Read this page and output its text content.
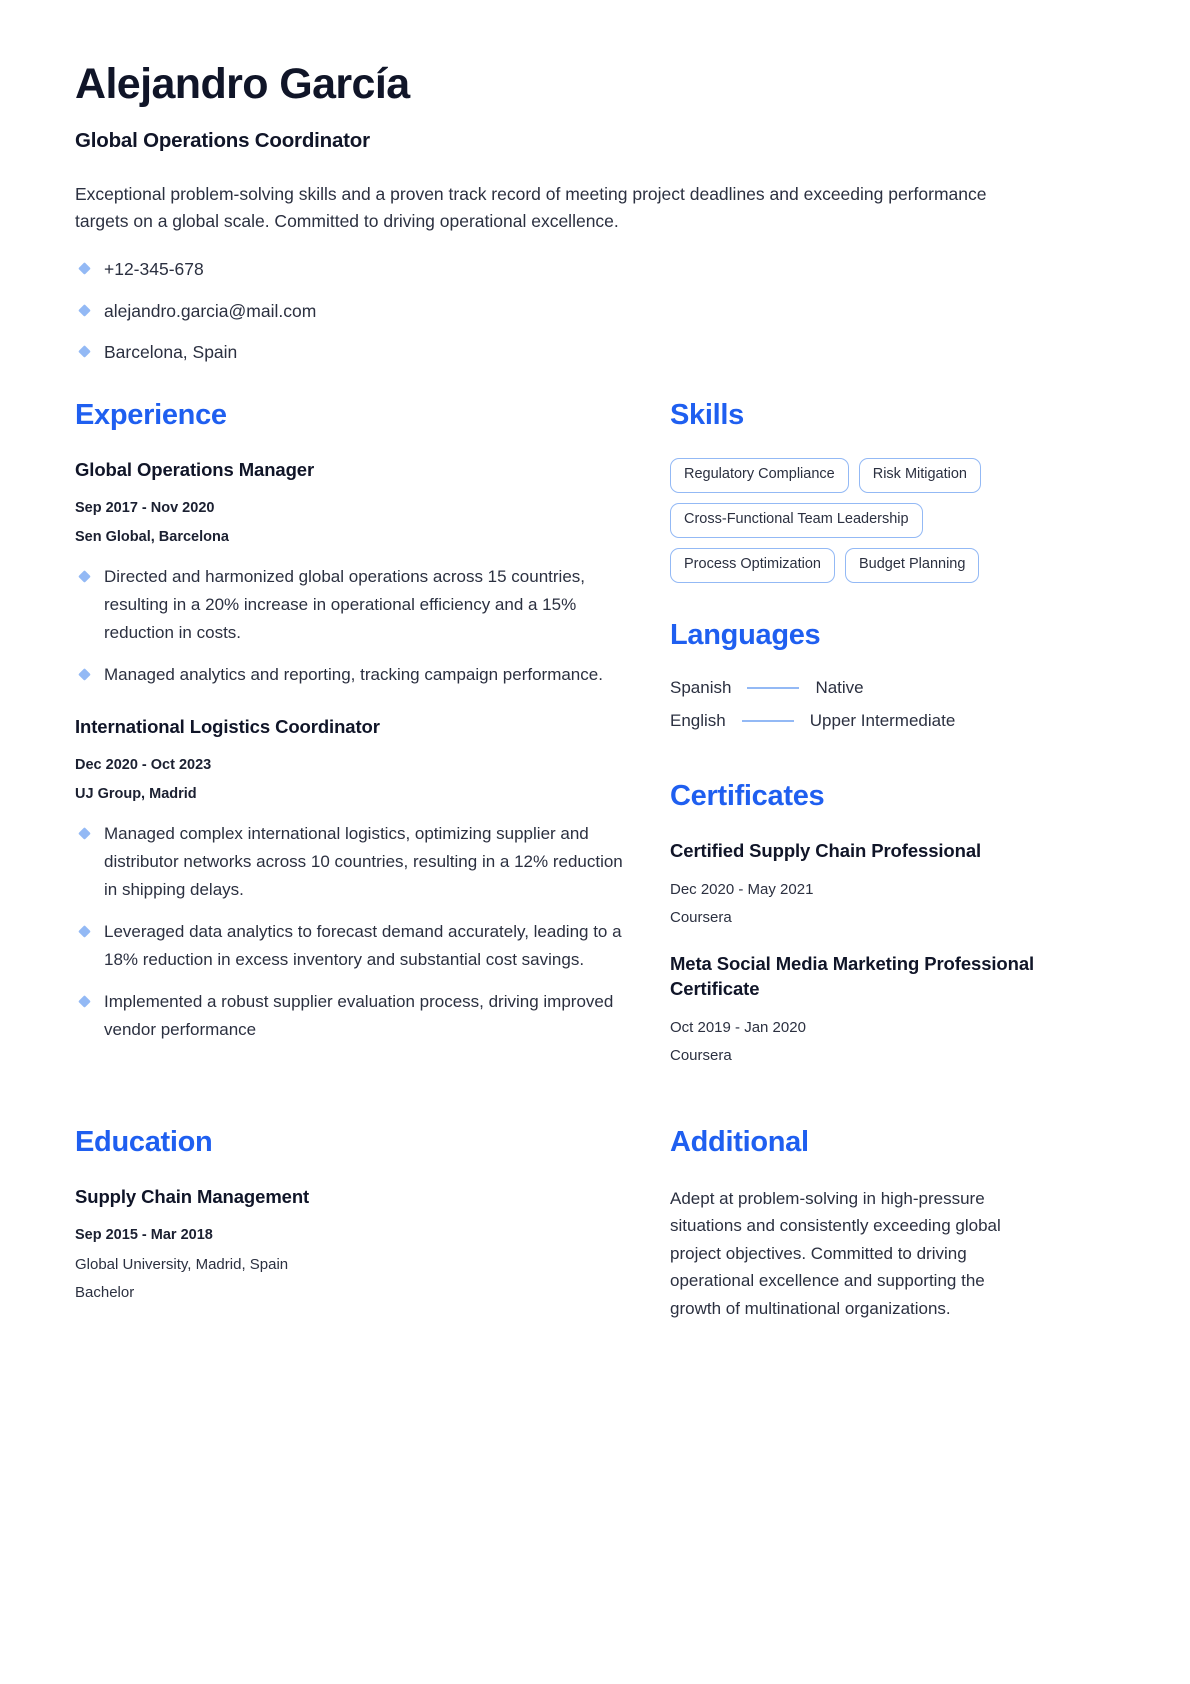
Alejandro García
Global Operations Coordinator

Exceptional problem-solving skills and a proven track record of meeting project deadlines and exceeding performance targets on a global scale. Committed to driving operational excellence.

+12-345-678
alejandro.garcia@mail.com
Barcelona, Spain
Experience
Global Operations Manager
Sep 2017 - Nov 2020
Sen Global, Barcelona
Directed and harmonized global operations across 15 countries, resulting in a 20% increase in operational efficiency and a 15% reduction in costs.
Managed analytics and reporting, tracking campaign performance.
International Logistics Coordinator
Dec 2020 - Oct 2023
UJ Group, Madrid
Managed complex international logistics, optimizing supplier and distributor networks across 10 countries, resulting in a 12% reduction in shipping delays.
Leveraged data analytics to forecast demand accurately, leading to a 18% reduction in excess inventory and substantial cost savings.
Implemented a robust supplier evaluation process, driving improved vendor performance
Education
Supply Chain Management
Sep 2015 - Mar 2018
Global University, Madrid, Spain
Bachelor
Skills
Regulatory Compliance	Risk Mitigation
Cross-Functional Team Leadership
Process Optimization	Budget Planning
Languages
Spanish	Native
English	Upper Intermediate
Certificates
Certified Supply Chain Professional
Dec 2020 - May 2021
Coursera
Meta Social Media Marketing Professional Certificate
Oct 2019 - Jan 2020
Coursera
Additional

Adept at problem-solving in high-pressure situations and consistently exceeding global project objectives. Committed to driving operational excellence and supporting the growth of multinational organizations.
